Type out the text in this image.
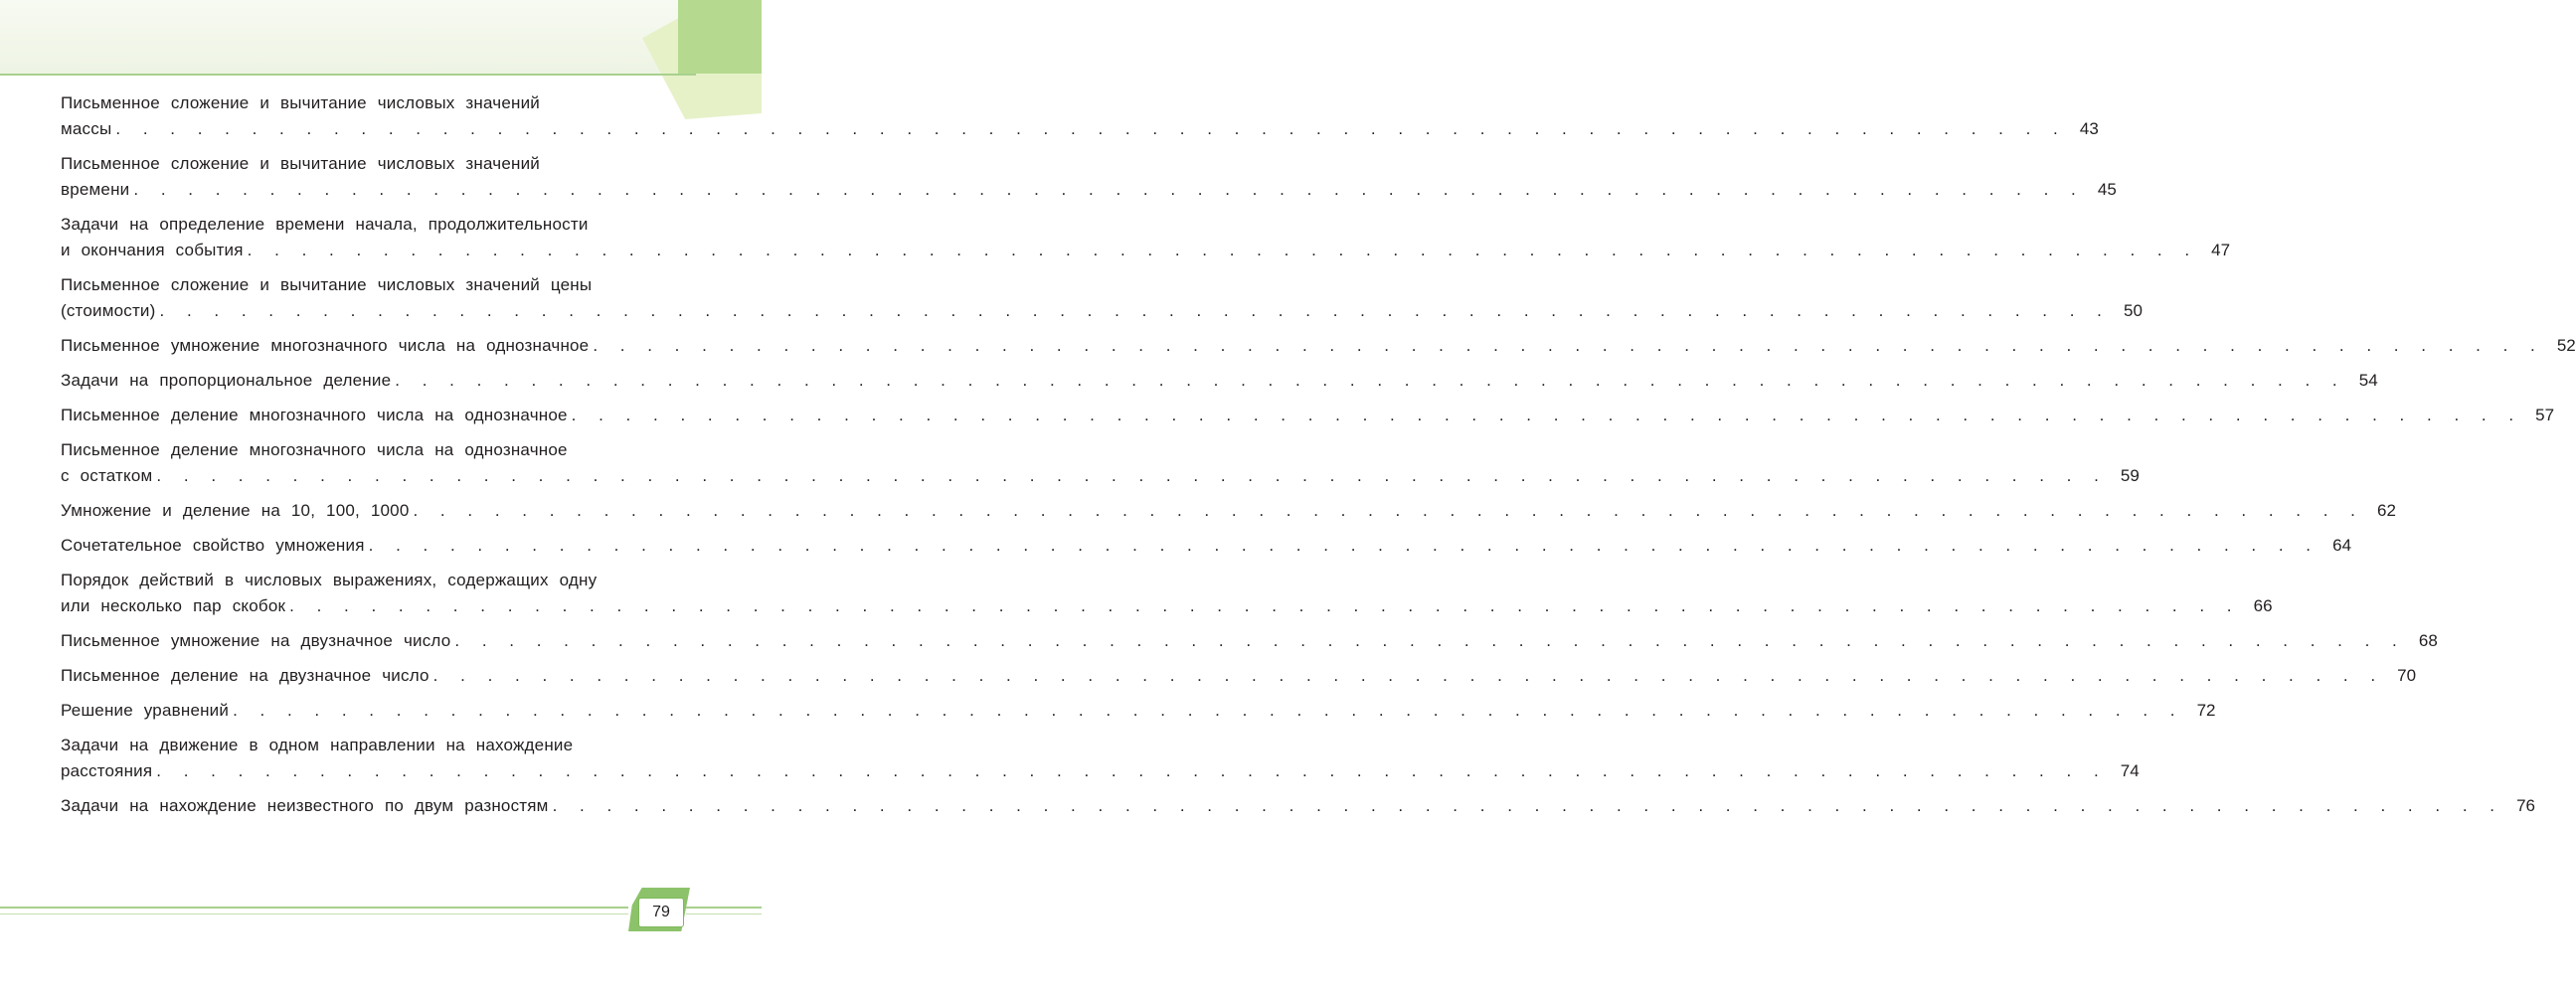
Письменное сложение и вычитание числовых значений
массы . . . . . . . . . . . . . . . . . . . . . . . . . . . . . . . . . . . . . . . . . . . . . . . . . . . . . . . . . . . . . . . . . . . . . . . . 43
Письменное сложение и вычитание числовых значений
времени . . . . . . . . . . . . . . . . . . . . . . . . . . . . . . . . . . . . . . . . . . . . . . . . . . . . . . . . . . . . . . . . . . . . . . . . 45
Задачи на определение времени начала, продолжительности
и окончания события . . . . . . . . . . . . . . . . . . . . . . . . . . . . . . . . . . . . . . . . . . . . . . . . . . . . . . . . . . . . . . . . . . . . . . . . 47
Письменное сложение и вычитание числовых значений цены
(стоимости) . . . . . . . . . . . . . . . . . . . . . . . . . . . . . . . . . . . . . . . . . . . . . . . . . . . . . . . . . . . . . . . . . . . . . . . . 50
Письменное умножение многозначного числа на однозначное . . . . . . . . . . . . . . . . . . . . . . . . . . . . . . . . . . . . . . . . . . . . . . . . . . . . . . . . . . . . . . . . . . . . . . . . 52
Задачи на пропорциональное деление . . . . . . . . . . . . . . . . . . . . . . . . . . . . . . . . . . . . . . . . . . . . . . . . . . . . . . . . . . . . . . . . . . . . . . . . 54
Письменное деление многозначного числа на однозначное . . . . . . . . . . . . . . . . . . . . . . . . . . . . . . . . . . . . . . . . . . . . . . . . . . . . . . . . . . . . . . . . . . . . . . . . 57
Письменное деление многозначного числа на однозначное
с остатком . . . . . . . . . . . . . . . . . . . . . . . . . . . . . . . . . . . . . . . . . . . . . . . . . . . . . . . . . . . . . . . . . . . . . . . . 59
Умножение и деление на 10, 100, 1000 . . . . . . . . . . . . . . . . . . . . . . . . . . . . . . . . . . . . . . . . . . . . . . . . . . . . . . . . . . . . . . . . . . . . . . . . 62
Сочетательное свойство умножения . . . . . . . . . . . . . . . . . . . . . . . . . . . . . . . . . . . . . . . . . . . . . . . . . . . . . . . . . . . . . . . . . . . . . . . . 64
Порядок действий в числовых выражениях, содержащих одну
или несколько пар скобок . . . . . . . . . . . . . . . . . . . . . . . . . . . . . . . . . . . . . . . . . . . . . . . . . . . . . . . . . . . . . . . . . . . . . . . . 66
Письменное умножение на двузначное число . . . . . . . . . . . . . . . . . . . . . . . . . . . . . . . . . . . . . . . . . . . . . . . . . . . . . . . . . . . . . . . . . . . . . . . . 68
Письменное деление на двузначное число . . . . . . . . . . . . . . . . . . . . . . . . . . . . . . . . . . . . . . . . . . . . . . . . . . . . . . . . . . . . . . . . . . . . . . . . 70
Решение уравнений . . . . . . . . . . . . . . . . . . . . . . . . . . . . . . . . . . . . . . . . . . . . . . . . . . . . . . . . . . . . . . . . . . . . . . . . 72
Задачи на движение в одном направлении на нахождение
расстояния . . . . . . . . . . . . . . . . . . . . . . . . . . . . . . . . . . . . . . . . . . . . . . . . . . . . . . . . . . . . . . . . . . . . . . . . 74
Задачи на нахождение неизвестного по двум разностям . . . . . . . . . . . . . . . . . . . . . . . . . . . . . . . . . . . . . . . . . . . . . . . . . . . . . . . . . . . . . . . . . . . . . . . . 76
79
